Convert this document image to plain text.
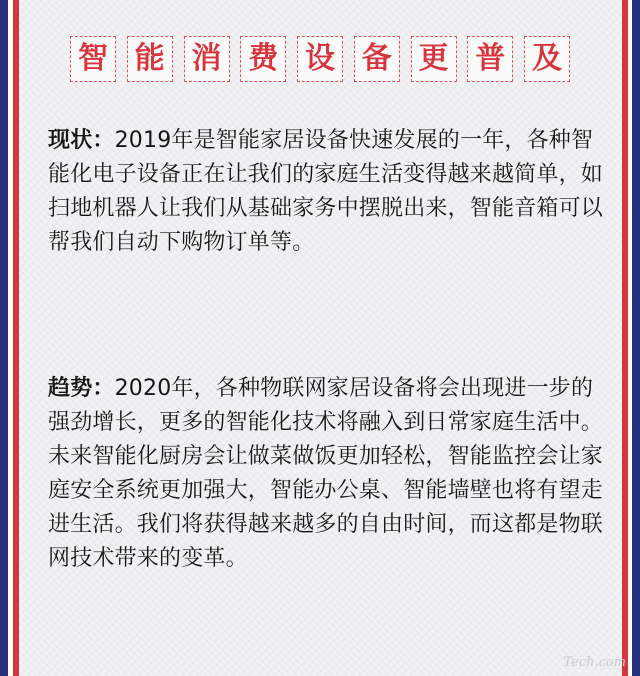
智 能 消 费 设 备 更 普 及

现状：2019年是智能家居设备快速发展的一年，各种智能化电子设备正在让我们的家庭生活变得越来越简单，如扫地机器人让我们从基础家务中摆脱出来，智能音箱可以帮我们自动下购物订单等。

趋势：2020年，各种物联网家居设备将会出现进一步的强劲增长，更多的智能化技术将融入到日常家庭生活中。未来智能化厨房会让做菜做饭更加轻松，智能监控会让家庭安全系统更加强大，智能办公桌、智能墙壁也将有望走进生活。我们将获得越来越多的自由时间，而这都是物联网技术带来的变革。

Tech.com
